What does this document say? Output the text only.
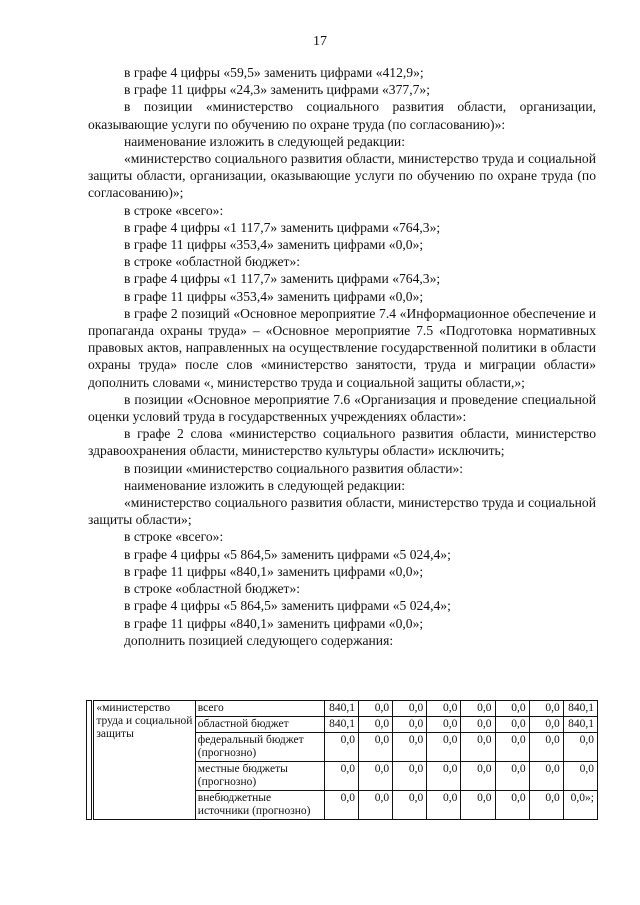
17

в графе 4 цифры «59,5» заменить цифрами «412,9»;

в графе 11 цифры «24,3» заменить цифрами «377,7»;

в позиции «министерство социального развития области, организации, оказывающие услуги по обучению по охране труда (по согласованию)»:

наименование изложить в следующей редакции:

«министерство социального развития области, министерство труда и социальной защиты области, организации, оказывающие услуги по обучению по охране труда (по согласованию)»;

в строке «всего»:

в графе 4 цифры «1 117,7» заменить цифрами «764,3»;

в графе 11 цифры «353,4» заменить цифрами «0,0»;

в строке «областной бюджет»:

в графе 4 цифры «1 117,7» заменить цифрами «764,3»;

в графе 11 цифры «353,4» заменить цифрами «0,0»;

в графе 2 позиций «Основное мероприятие 7.4 «Информационное обеспечение и пропаганда охраны труда» – «Основное мероприятие 7.5 «Подготовка нормативных правовых актов, направленных на осуществление государственной политики в области охраны труда» после слов «министерство занятости, труда и миграции области» дополнить словами «, министерство труда и социальной защиты области,»;

в позиции «Основное мероприятие 7.6 «Организация и проведение специальной оценки условий труда в государственных учреждениях области»:

в графе 2 слова «министерство социального развития области, министерство здравоохранения области, министерство культуры области» исключить;

в позиции «министерство социального развития области»:

наименование изложить в следующей редакции:

«министерство социального развития области, министерство труда и социальной защиты области»;

в строке «всего»:

в графе 4 цифры «5 864,5» заменить цифрами «5 024,4»;

в графе 11 цифры «840,1» заменить цифрами «0,0»;

в строке «областной бюджет»:

в графе 4 цифры «5 864,5» заменить цифрами «5 024,4»;

в графе 11 цифры «840,1» заменить цифрами «0,0»;

дополнить позицией следующего содержания:

	«министерство труда и социальной защиты	всего	840,1	0,0	0,0	0,0	0,0	0,0	0,0	840,1
		областной бюджет	840,1	0,0	0,0	0,0	0,0	0,0	0,0	840,1
		федеральный бюджет (прогнозно)	0,0	0,0	0,0	0,0	0,0	0,0	0,0	0,0
		местные бюджеты (прогнозно)	0,0	0,0	0,0	0,0	0,0	0,0	0,0	0,0
		внебюджетные источники (прогнозно)	0,0	0,0	0,0	0,0	0,0	0,0	0,0	0,0»;
